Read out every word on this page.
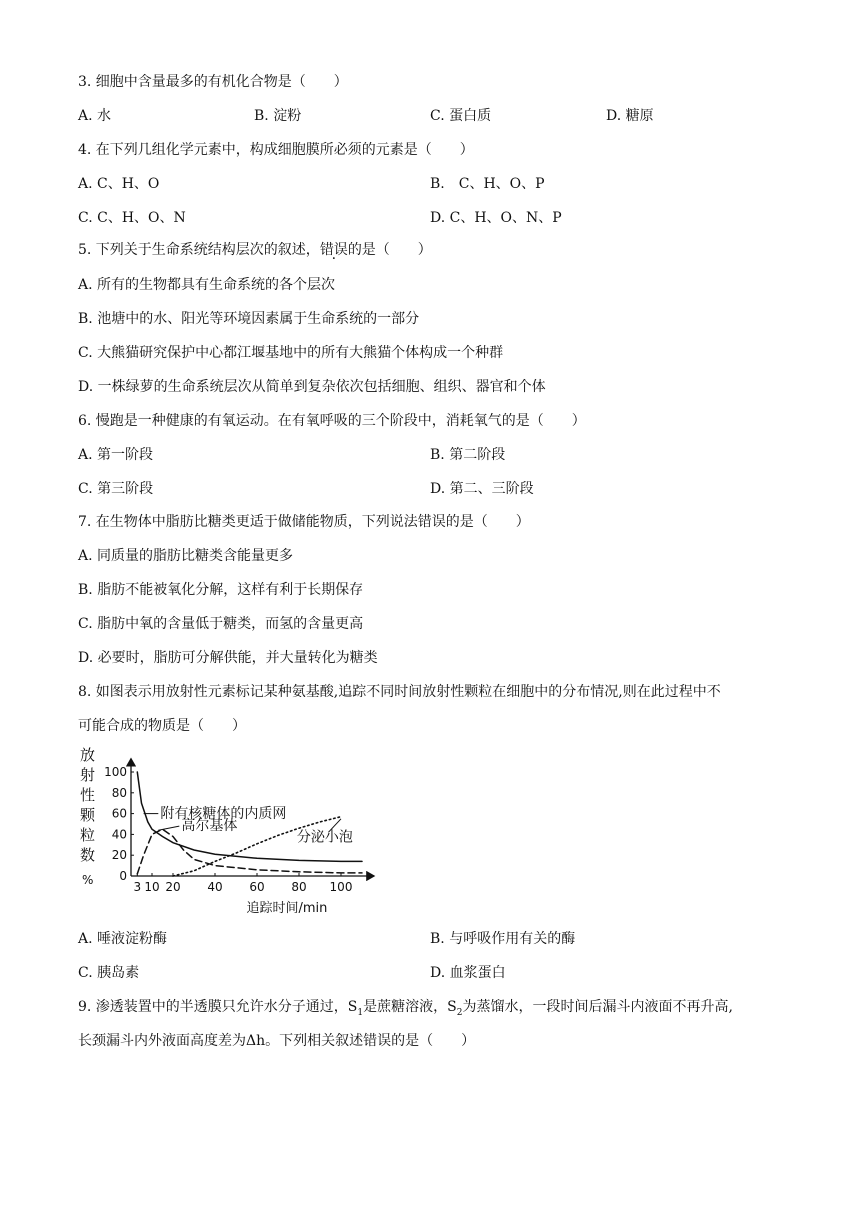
3. 细胞中含量最多的有机化合物是（　　）
A. 水	B. 淀粉	C. 蛋白质	D. 糖原
4. 在下列几组化学元素中，构成细胞膜所必须的元素是（　　）
A. C、H、O	B.　C、H、O、P
C. C、H、O、N	D. C、H、O、N、P
5. 下列关于生命系统结构层次的叙述，错误的是（　　）
A. 所有的生物都具有生命系统的各个层次
B. 池塘中的水、阳光等环境因素属于生命系统的一部分
C. 大熊猫研究保护中心都江堰基地中的所有大熊猫个体构成一个种群
D. 一株绿萝的生命系统层次从简单到复杂依次包括细胞、组织、器官和个体
6. 慢跑是一种健康的有氧运动。在有氧呼吸的三个阶段中，消耗氧气的是（　　）
A. 第一阶段	B. 第二阶段
C. 第三阶段	D. 第二、三阶段
7. 在生物体中脂肪比糖类更适于做储能物质，下列说法错误的是（　　）
A. 同质量的脂肪比糖类含能量更多
B. 脂肪不能被氧化分解，这样有利于长期保存
C. 脂肪中氧的含量低于糖类，而氢的含量更高
D. 必要时，脂肪可分解供能，并大量转化为糖类
8. 如图表示用放射性元素标记某种氨基酸,追踪不同时间放射性颗粒在细胞中的分布情况,则在此过程中不
可能合成的物质是（　　）
放
射
性
颗
粒
数
%	3 10 20 40 60 80 100
0
20
40
60
80
100
附有核糖体的内质网
高尔基体
分泌小泡
追踪时间/min
A. 唾液淀粉酶	B. 与呼吸作用有关的酶
C. 胰岛素	D. 血浆蛋白
9. 渗透装置中的半透膜只允许水分子通过，$S_1$是蔗糖溶液，$S_2$为蒸馏水，一段时间后漏斗内液面不再升高,
长颈漏斗内外液面高度差为Δh。下列相关叙述错误的是（　　）
